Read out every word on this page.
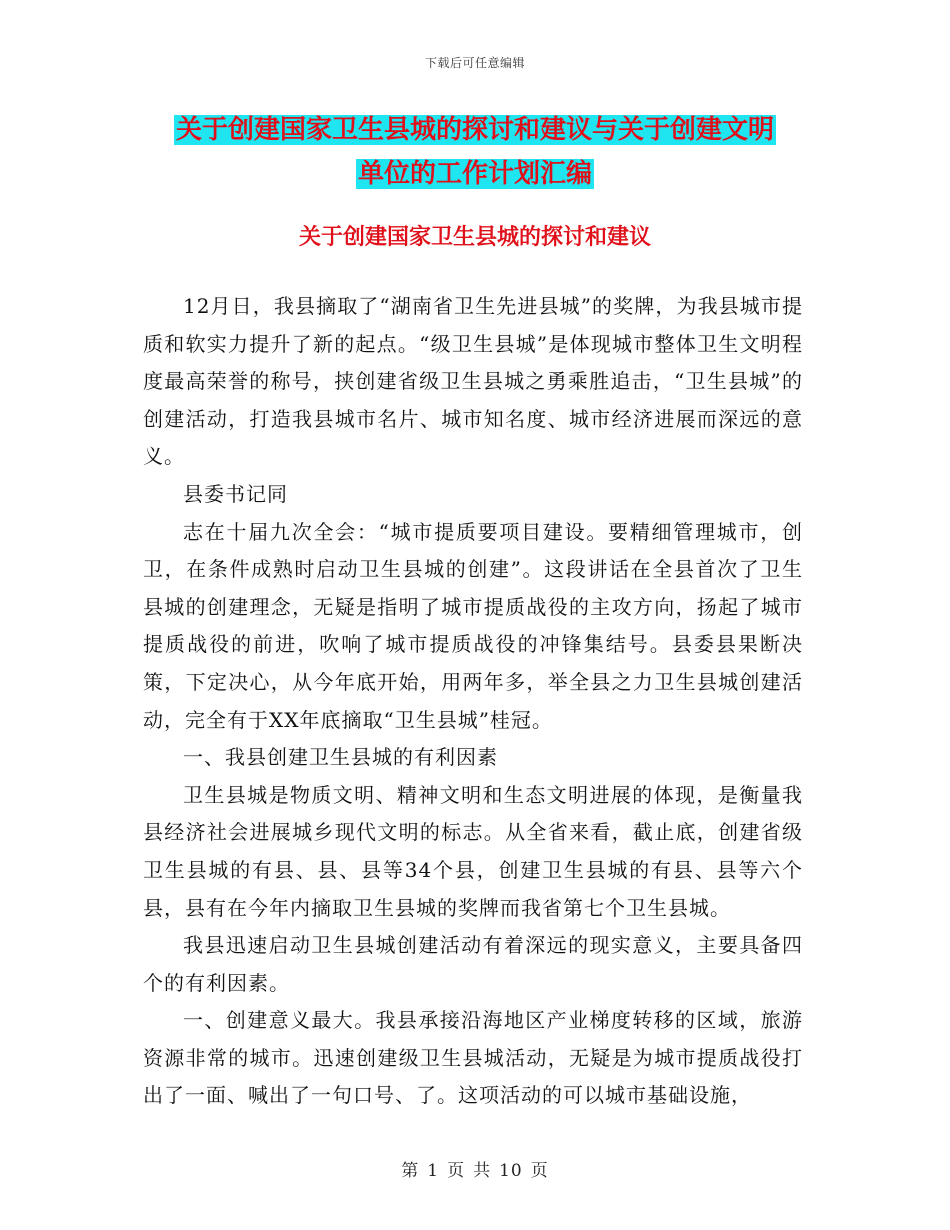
下载后可任意编辑
关于创建国家卫生县城的探讨和建议与关于创建文明
单位的工作计划汇编
关于创建国家卫生县城的探讨和建议

12月日，我县摘取了“湖南省卫生先进县城”的奖牌，为我县城市提质和软实力提升了新的起点。“级卫生县城”是体现城市整体卫生文明程度最高荣誉的称号，挟创建省级卫生县城之勇乘胜追击，“卫生县城”的创建活动，打造我县城市名片、城市知名度、城市经济进展而深远的意义。

县委书记同

志在十届九次全会：“城市提质要项目建设。要精细管理城市，创卫，在条件成熟时启动卫生县城的创建”。这段讲话在全县首次了卫生县城的创建理念，无疑是指明了城市提质战役的主攻方向，扬起了城市提质战役的前进，吹响了城市提质战役的冲锋集结号。县委县果断决策，下定决心，从今年底开始，用两年多，举全县之力卫生县城创建活动，完全有于XX年底摘取“卫生县城”桂冠。

一、我县创建卫生县城的有利因素

卫生县城是物质文明、精神文明和生态文明进展的体现，是衡量我县经济社会进展城乡现代文明的标志。从全省来看，截止底，创建省级卫生县城的有县、县、县等34个县，创建卫生县城的有县、县等六个县，县有在今年内摘取卫生县城的奖牌而我省第七个卫生县城。

我县迅速启动卫生县城创建活动有着深远的现实意义，主要具备四个的有利因素。

一、创建意义最大。我县承接沿海地区产业梯度转移的区域，旅游资源非常的城市。迅速创建级卫生县城活动，无疑是为城市提质战役打出了一面、喊出了一句口号、了。这项活动的可以城市基础设施，

第 1 页 共 10 页
